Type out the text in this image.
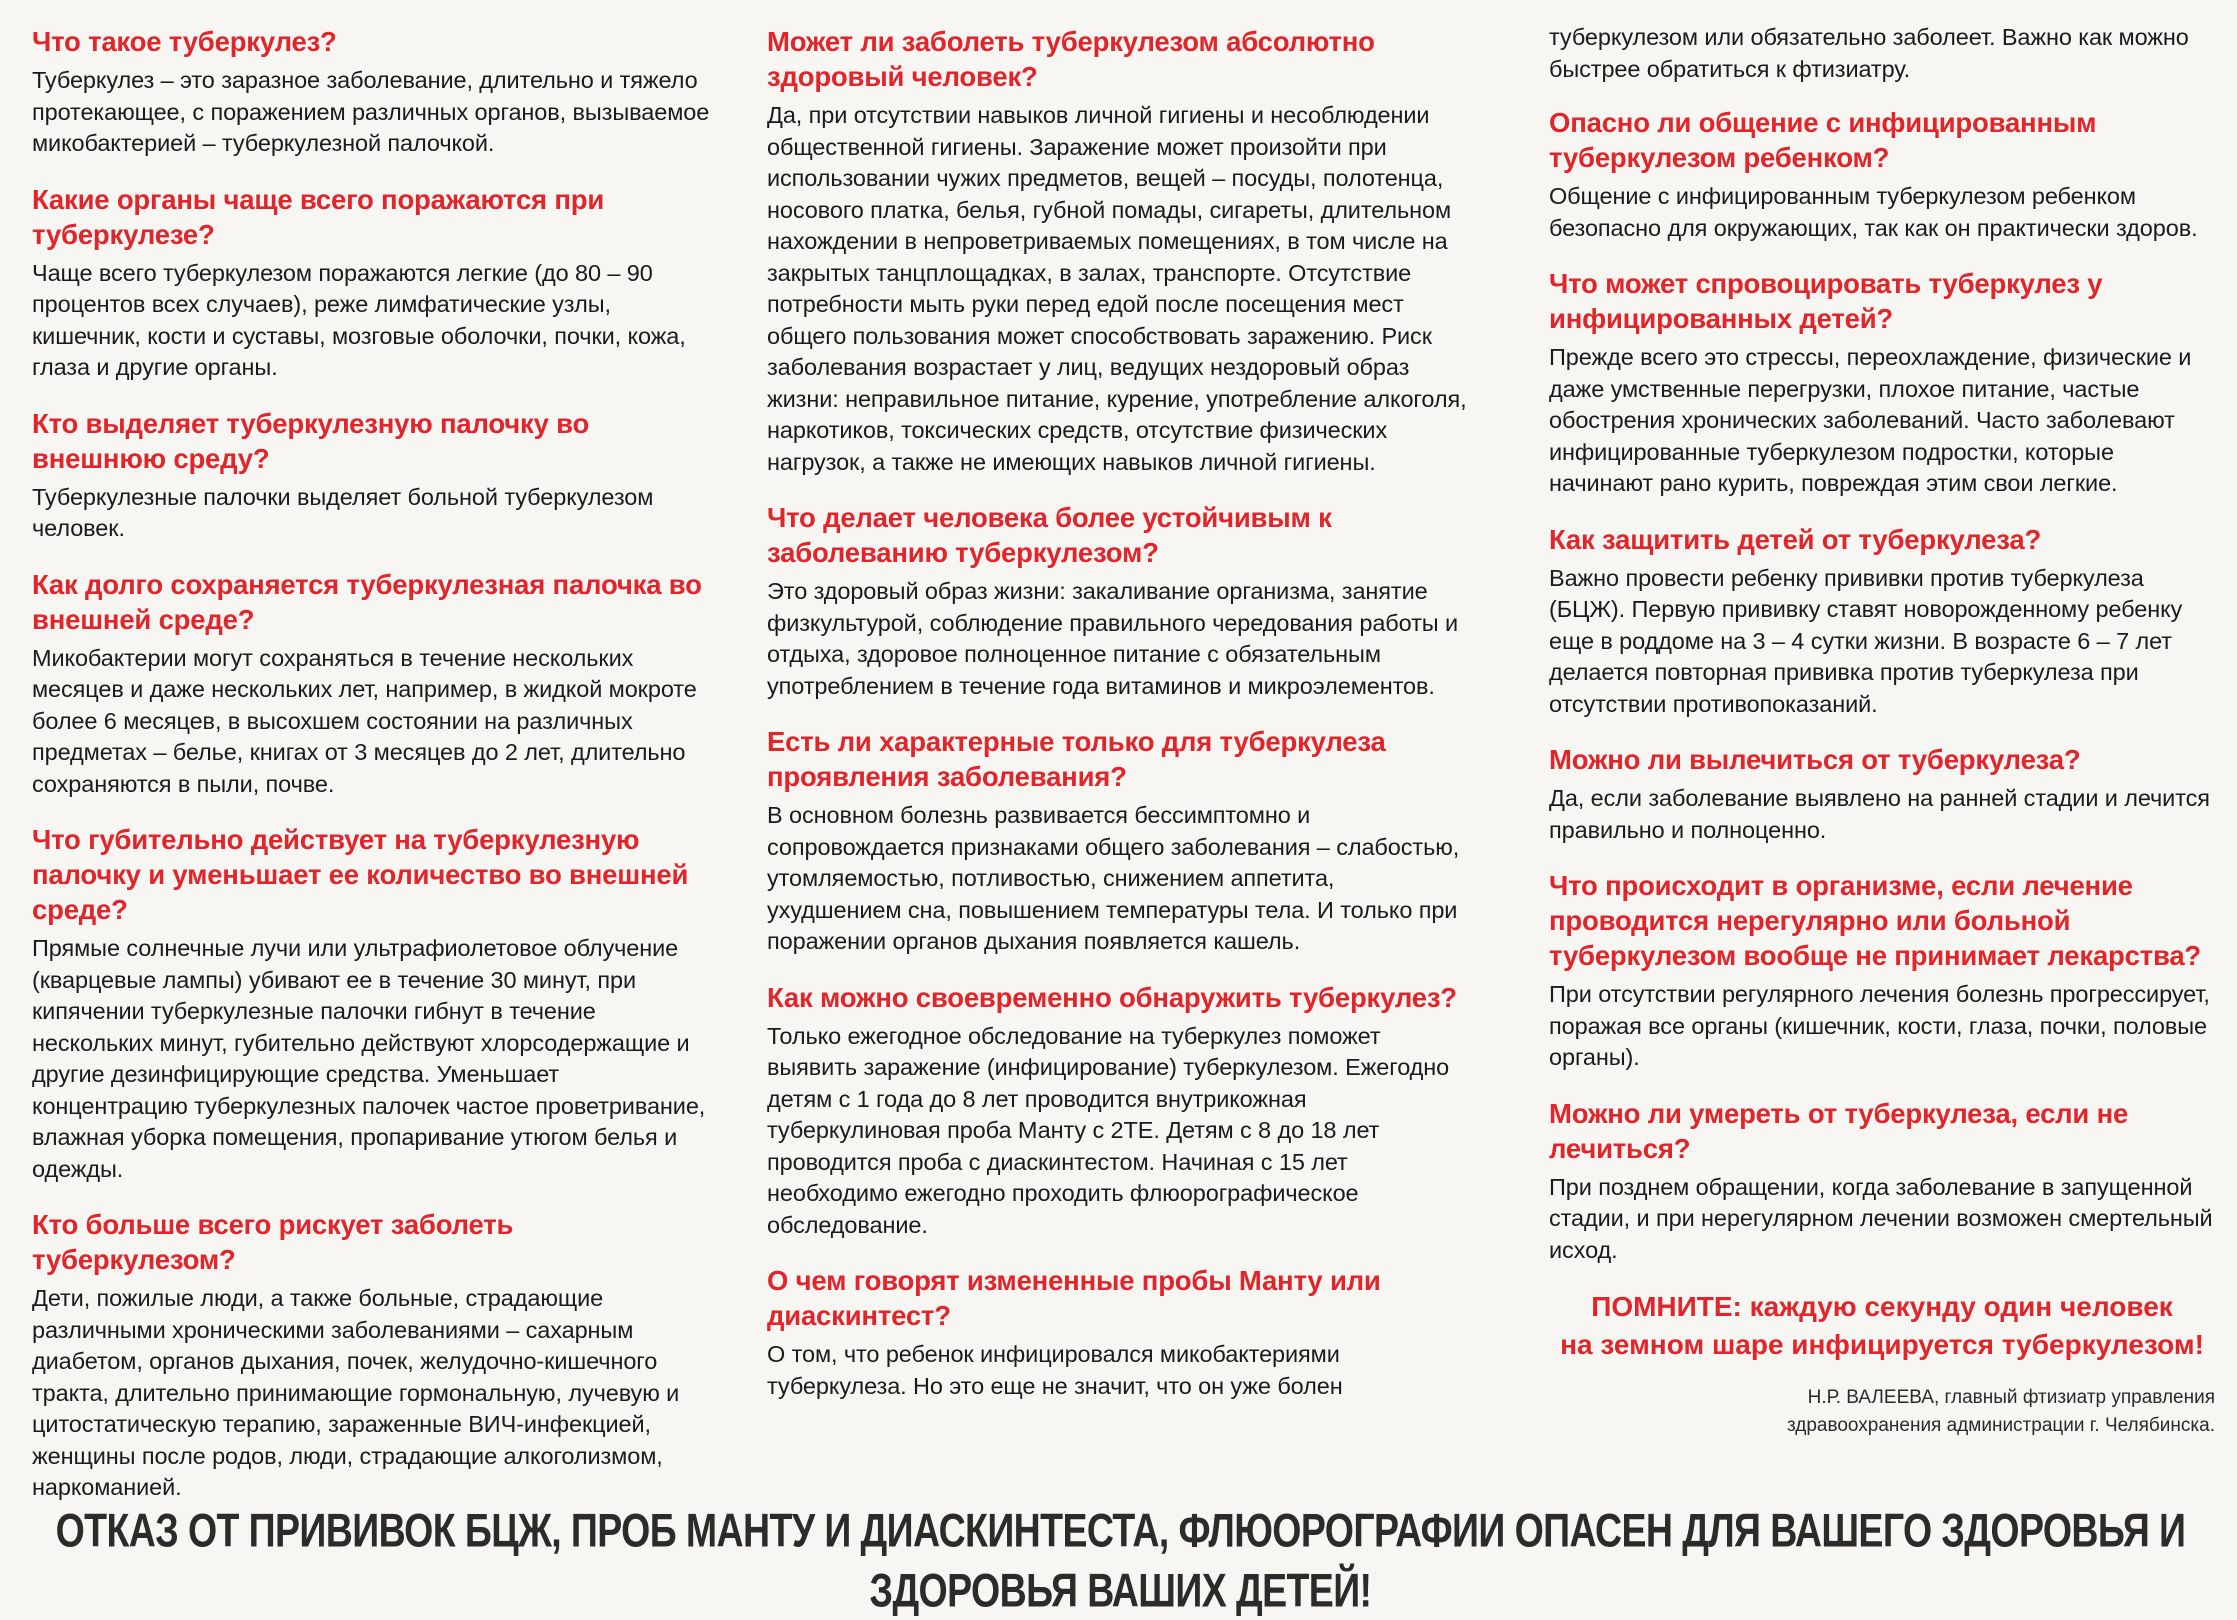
Что такое туберкулез?
Туберкулез – это заразное заболевание, длительно и тяжело протекающее, с поражением различных органов, вызываемое микобактерией – туберкулезной палочкой.
Какие органы чаще всего поражаются при туберкулезе?
Чаще всего туберкулезом поражаются легкие (до 80 – 90 процентов всех случаев), реже лимфатические узлы, кишечник, кости и суставы, мозговые оболочки, почки, кожа, глаза и другие органы.
Кто выделяет туберкулезную палочку во внешнюю среду?
Туберкулезные палочки выделяет больной туберкулезом человек.
Как долго сохраняется туберкулезная палочка во внешней среде?
Микобактерии могут сохраняться в течение нескольких месяцев и даже нескольких лет, например, в жидкой мокроте более 6 месяцев, в высохшем состоянии на различных предметах – белье, книгах от 3 месяцев до 2 лет, длительно сохраняются в пыли, почве.
Что губительно действует на туберкулезную палочку и уменьшает ее количество во внешней среде?
Прямые солнечные лучи или ультрафиолетовое облучение (кварцевые лампы) убивают ее в течение 30 минут, при кипячении туберкулезные палочки гибнут в течение нескольких минут, губительно действуют хлорсодержащие и другие дезинфицирующие средства. Уменьшает концентрацию туберкулезных палочек частое проветривание, влажная уборка помещения, пропаривание утюгом белья и одежды.
Кто больше всего рискует заболеть туберкулезом?
Дети, пожилые люди, а также больные, страдающие различными хроническими заболеваниями – сахарным диабетом, органов дыхания, почек, желудочно-кишечного тракта, длительно принимающие гормональную, лучевую и цитостатическую терапию, зараженные ВИЧ-инфекцией, женщины после родов, люди, страдающие алкоголизмом, наркоманией.
Может ли заболеть туберкулезом абсолютно здоровый человек?
Да, при отсутствии навыков личной гигиены и несоблюдении общественной гигиены. Заражение может произойти при использовании чужих предметов, вещей – посуды, полотенца, носового платка, белья, губной помады, сигареты, длительном нахождении в непроветриваемых помещениях, в том числе на закрытых танцплощадках, в залах, транспорте. Отсутствие потребности мыть руки перед едой после посещения мест общего пользования может способствовать заражению. Риск заболевания возрастает у лиц, ведущих нездоровый образ жизни: неправильное питание, курение, употребление алкоголя, наркотиков, токсических средств, отсутствие физических нагрузок, а также не имеющих навыков личной гигиены.
Что делает человека более устойчивым к заболеванию туберкулезом?
Это здоровый образ жизни: закаливание организма, занятие физкультурой, соблюдение правильного чередования работы и отдыха, здоровое полноценное питание с обязательным употреблением в течение года витаминов и микроэлементов.
Есть ли характерные только для туберкулеза проявления заболевания?
В основном болезнь развивается бессимптомно и сопровождается признаками общего заболевания – слабостью, утомляемостью, потливостью, снижением аппетита, ухудшением сна, повышением температуры тела. И только при поражении органов дыхания появляется кашель.
Как можно своевременно обнаружить туберкулез?
Только ежегодное обследование на туберкулез поможет выявить заражение (инфицирование) туберкулезом. Ежегодно детям с 1 года до 8 лет проводится внутрикожная туберкулиновая проба Манту с 2ТЕ. Детям с 8 до 18 лет проводится проба с диаскинтестом. Начиная с 15 лет необходимо ежегодно проходить флюорографическое обследование.
О чем говорят измененные пробы Манту или диаскинтест?
О том, что ребенок инфицировался микобактериями туберкулеза. Но это еще не значит, что он уже болен
туберкулезом или обязательно заболеет. Важно как можно быстрее обратиться к фтизиатру.
Опасно ли общение с инфицированным туберкулезом ребенком?
Общение с инфицированным туберкулезом ребенком безопасно для окружающих, так как он практически здоров.
Что может спровоцировать туберкулез у инфицированных детей?
Прежде всего это стрессы, переохлаждение, физические и даже умственные перегрузки, плохое питание, частые обострения хронических заболеваний. Часто заболевают инфицированные туберкулезом подростки, которые начинают рано курить, повреждая этим свои легкие.
Как защитить детей от туберкулеза?
Важно провести ребенку прививки против туберкулеза (БЦЖ). Первую прививку ставят новорожденному ребенку еще в роддоме на 3 – 4 сутки жизни. В возрасте 6 – 7 лет делается повторная прививка против туберкулеза при отсутствии противопоказаний.
Можно ли вылечиться от туберкулеза?
Да, если заболевание выявлено на ранней стадии и лечится правильно и полноценно.
Что происходит в организме, если лечение проводится нерегулярно или больной туберкулезом вообще не принимает лекарства?
При отсутствии регулярного лечения болезнь прогрессирует, поражая все органы (кишечник, кости, глаза, почки, половые органы).
Можно ли умереть от туберкулеза, если не лечиться?
При позднем обращении, когда заболевание в запущенной стадии, и при нерегулярном лечении возможен смертельный исход.
ПОМНИТЕ: каждую секунду один человек
на земном шаре инфицируется туберкулезом!
Н.Р. ВАЛЕЕВА, главный фтизиатр управления
здравоохранения администрации г. Челябинска.
ОТКАЗ ОТ ПРИВИВОК БЦЖ, ПРОБ МАНТУ И ДИАСКИНТЕСТА, ФЛЮОРОГРАФИИ ОПАСЕН ДЛЯ ВАШЕГО ЗДОРОВЬЯ И ЗДОРОВЬЯ ВАШИХ ДЕТЕЙ!
